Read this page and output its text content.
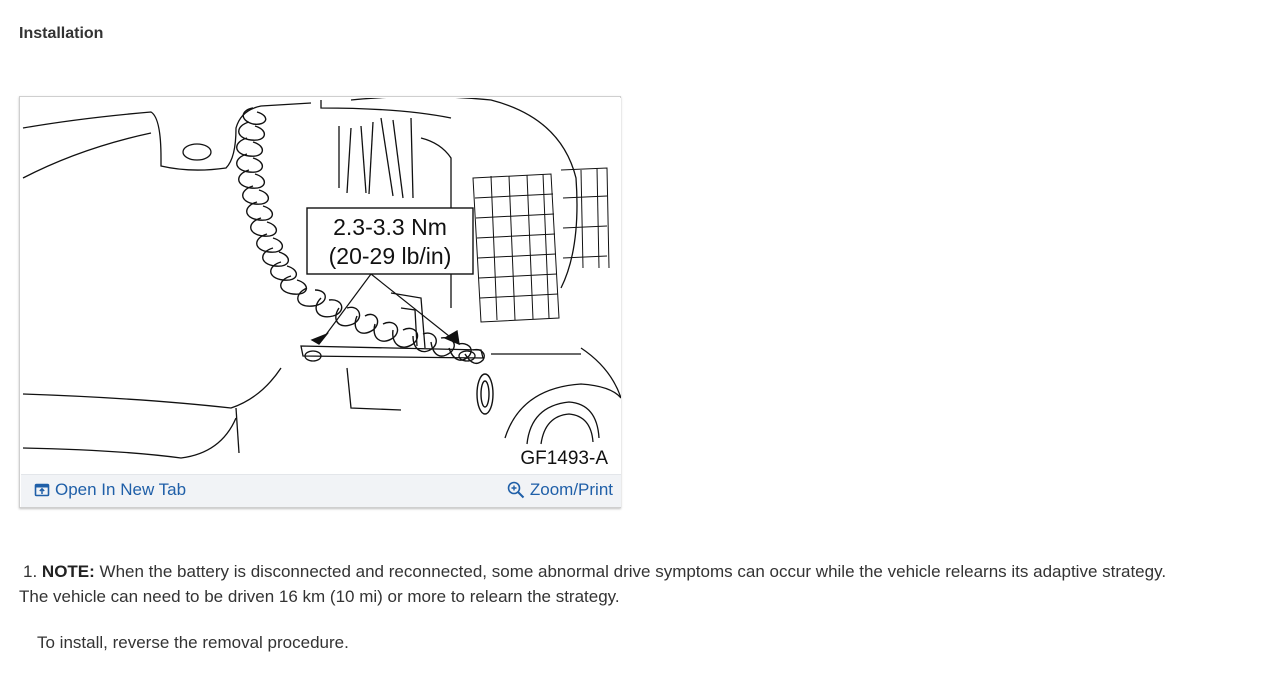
Installation
2.3-3.3 Nm
(20-29 lb/in)
GF1493-A
Open In New Tab	Zoom/Print

1. NOTE: When the battery is disconnected and reconnected, some abnormal drive symptoms can occur while the vehicle relearns its adaptive strategy.
The vehicle can need to be driven 16 km (10 mi) or more to relearn the strategy.

To install, reverse the removal procedure.
